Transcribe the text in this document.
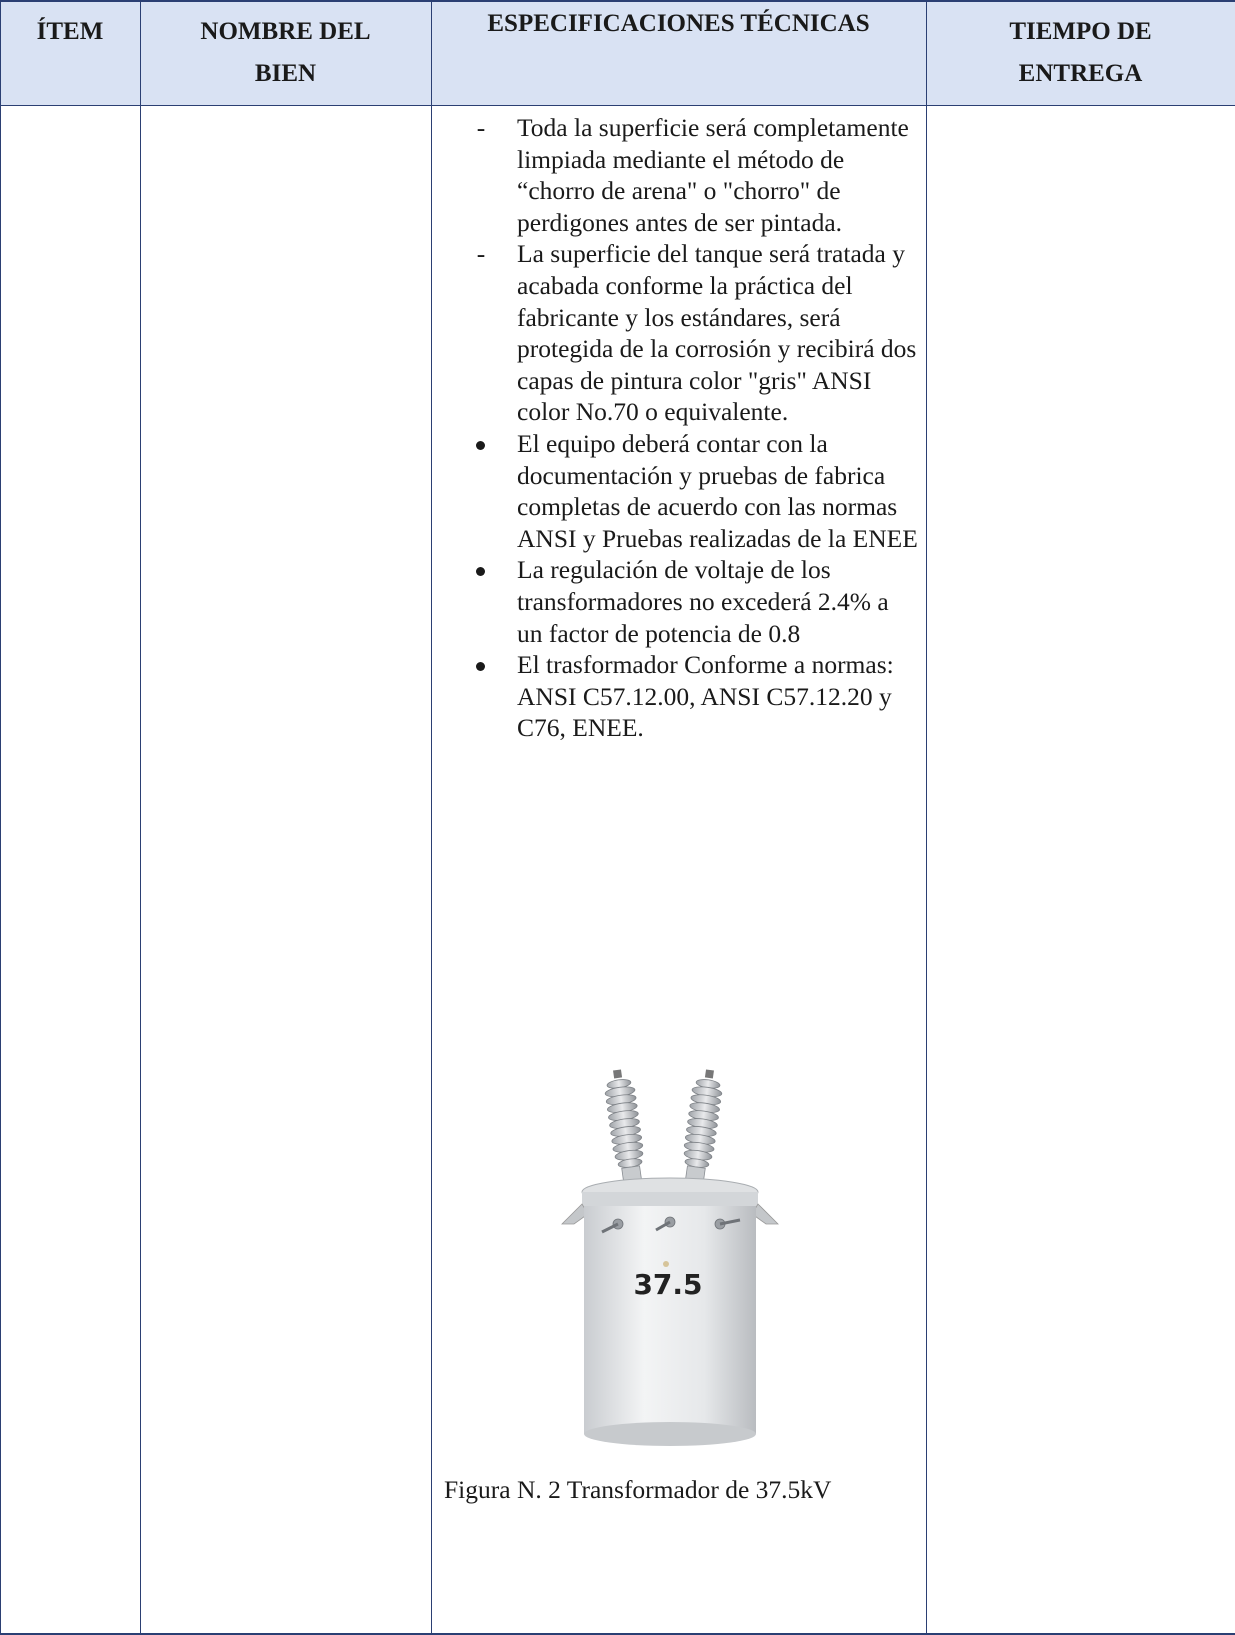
ÍTEM	NOMBRE DEL
BIEN
ESPECIFICACIONES TÉCNICAS	TIEMPO DE
ENTREGA
-
Toda la superficie será completamente limpiada mediante el método de “chorro de arena" o "chorro" de perdigones antes de ser pintada.
-
La superficie del tanque será tratada y acabada conforme la práctica del fabricante y los estándares, será protegida de la corrosión y recibirá dos capas de pintura color "gris" ANSI color No.70 o equivalente.
El equipo deberá contar con la documentación y pruebas de fabrica completas de acuerdo con las normas ANSI y Pruebas realizadas de la ENEE
La regulación de voltaje de los transformadores no excederá 2.4% a un factor de potencia de 0.8
El trasformador Conforme a normas: ANSI C57.12.00, ANSI C57.12.20 y C76, ENEE.
37.5
Figura N. 2 Transformador de 37.5kV
